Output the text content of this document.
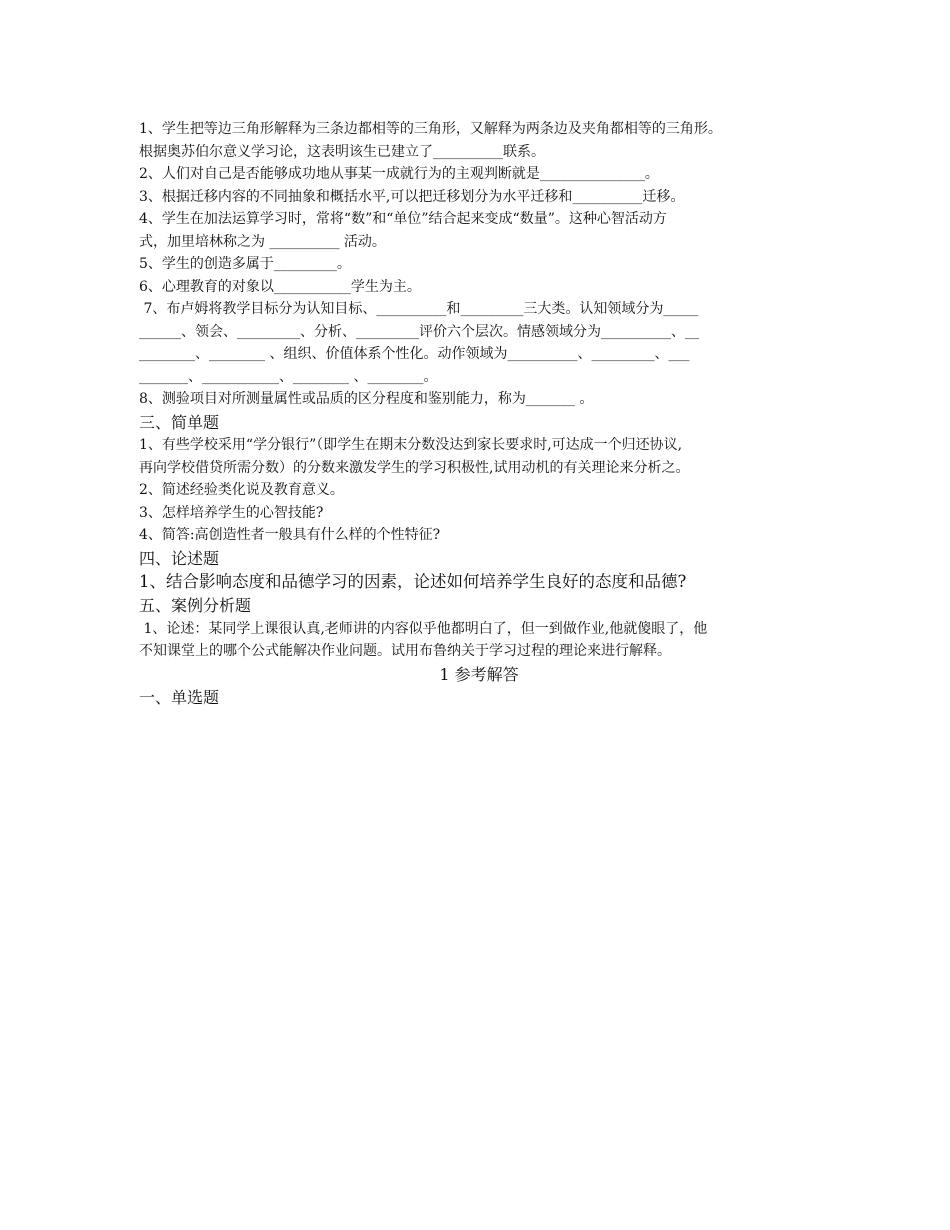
1、学生把等边三角形解释为三条边都相等的三角形，又解释为两条边及夹角都相等的三角形。
根据奥苏伯尔意义学习论，这表明该生已建立了__________联系。
2、人们对自己是否能够成功地从事某一成就行为的主观判断就是_______________。
3、根据迁移内容的不同抽象和概括水平,可以把迁移划分为水平迁移和__________迁移。
4、学生在加法运算学习时，常将“数”和“单位”结合起来变成“数量”。这种心智活动方
式，加里培林称之为 __________ 活动。
5、学生的创造多属于_________。
6、心理教育的对象以___________学生为主。
7、布卢姆将教学目标分为认知目标、__________和_________三大类。认知领域分为_____
______、领会、_________、分析、_________评价六个层次。情感领域分为__________、__
________、________ 、组织、价值体系个性化。动作领域为__________、_________、___
_______、___________、________ 、________。
8、测验项目对所测量属性或品质的区分程度和鉴别能力，称为_______ 。
三、简单题
1、有些学校采用“学分银行”（即学生在期末分数没达到家长要求时,可达成一个归还协议,
再向学校借贷所需分数）的分数来激发学生的学习积极性,试用动机的有关理论来分析之。
2、简述经验类化说及教育意义。
3、怎样培养学生的心智技能?
4、简答:高创造性者一般具有什么样的个性特征?
四、论述题
1、结合影响态度和品德学习的因素，论述如何培养学生良好的态度和品德?
五、案例分析题
1、论述：某同学上课很认真,老师讲的内容似乎他都明白了，但一到做作业,他就傻眼了，他
不知课堂上的哪个公式能解决作业问题。试用布鲁纳关于学习过程的理论来进行解释。
1 参考解答
一、单选题
